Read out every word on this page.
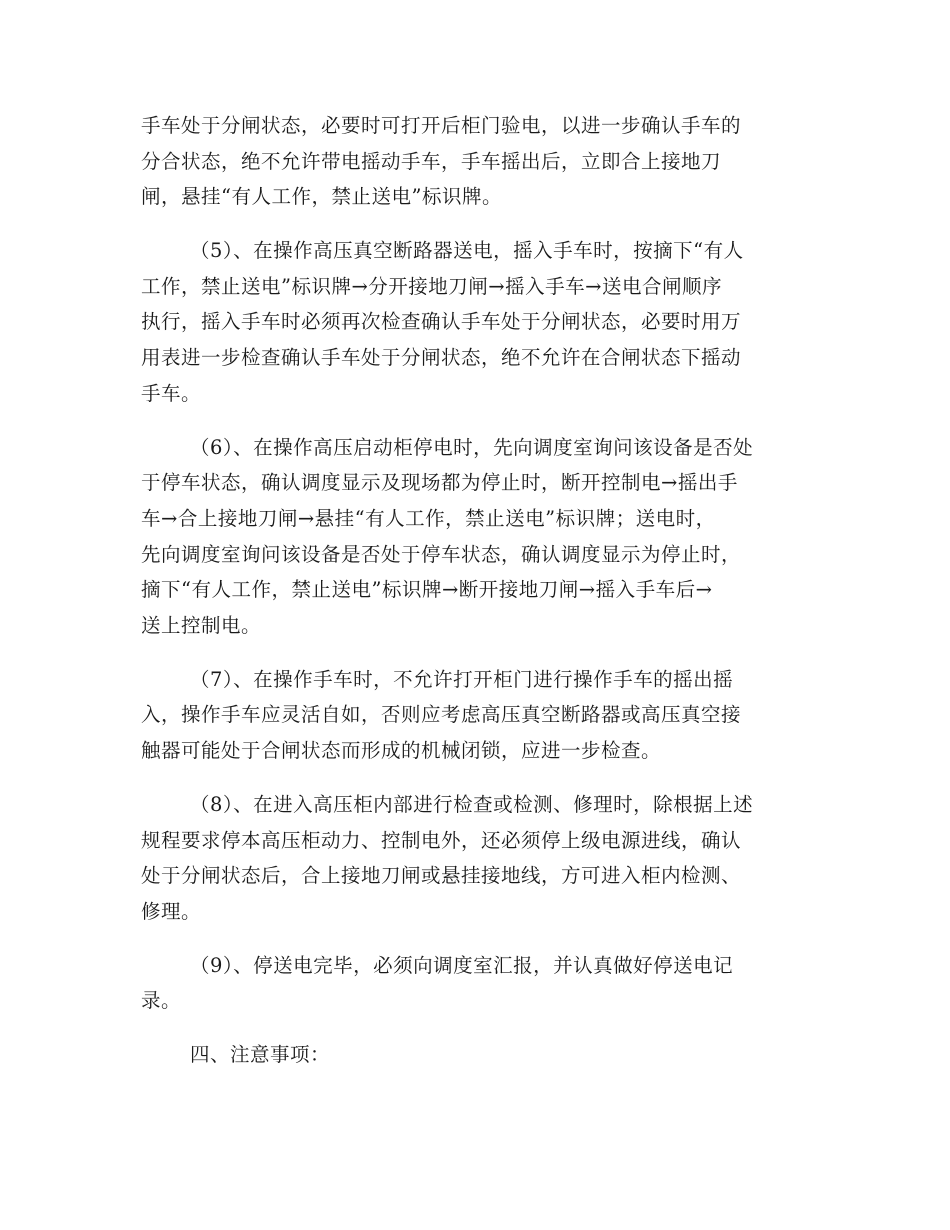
手车处于分闸状态，必要时可打开后柜门验电，以进一步确认手车的
分合状态，绝不允许带电摇动手车，手车摇出后，立即合上接地刀
闸，悬挂“有人工作，禁止送电”标识牌。
（5）、在操作高压真空断路器送电，摇入手车时，按摘下“有人
工作，禁止送电”标识牌→分开接地刀闸→摇入手车→送电合闸顺序
执行，摇入手车时必须再次检查确认手车处于分闸状态，必要时用万
用表进一步检查确认手车处于分闸状态，绝不允许在合闸状态下摇动
手车。
（6）、在操作高压启动柜停电时，先向调度室询问该设备是否处
于停车状态，确认调度显示及现场都为停止时，断开控制电→摇出手
车→合上接地刀闸→悬挂“有人工作，禁止送电”标识牌；送电时，
先向调度室询问该设备是否处于停车状态，确认调度显示为停止时，
摘下“有人工作，禁止送电”标识牌→断开接地刀闸→摇入手车后→
送上控制电。
（7）、在操作手车时，不允许打开柜门进行操作手车的摇出摇
入，操作手车应灵活自如，否则应考虑高压真空断路器或高压真空接
触器可能处于合闸状态而形成的机械闭锁，应进一步检查。
（8）、在进入高压柜内部进行检查或检测、修理时，除根据上述
规程要求停本高压柜动力、控制电外，还必须停上级电源进线，确认
处于分闸状态后，合上接地刀闸或悬挂接地线，方可进入柜内检测、
修理。
（9）、停送电完毕，必须向调度室汇报，并认真做好停送电记
录。
四、注意事项：
